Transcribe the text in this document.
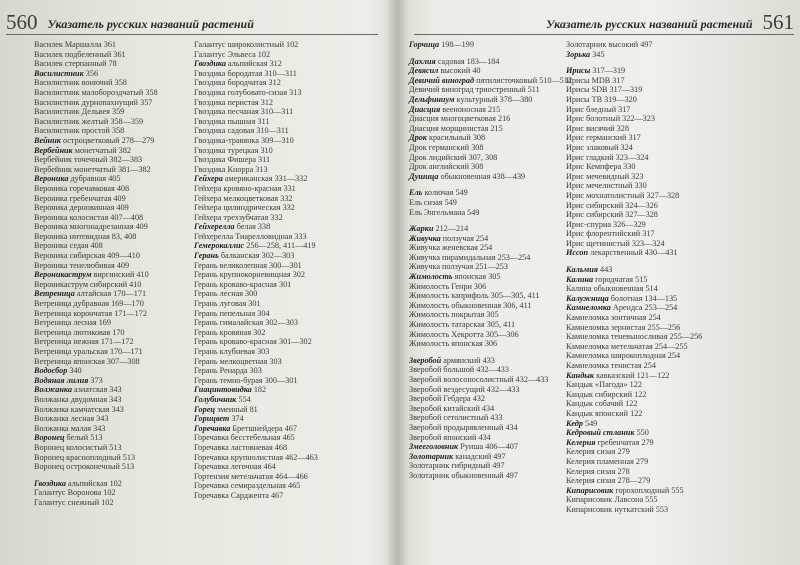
560 Указатель русских названий растений	Указатель русских названий растений 561
Василек Маршалла 361
Василек подбеленный 361
Василек стерпанный 78
Василистник 356
Василистник вонючий 358
Василистник малобороздчатый 358
Василистник дурнопахнущий 357
Василистник Дельвея 359
Василистник желтый 358—359
Василистник простой 358
Вейник остроцветковый 278—279
Вербейник монетчатый 382
Вербейник точечный 382—383
Вербейник монетчатый 381—382
Вероника дубравная 405
Вероника горечавковая 408
Вероника гребенчатая 409
Вероника дерновинная 409
Вероника колосистая 407—408
Вероника многонадрезанная 409
Вероника нитевидная 83, 408
Вероника седая 408
Вероника сибирская 409—410
Вероника тенелюбивая 409
Вероникаструм виргинский 410
Вероникаструм сибирский 410
Ветреница алтайская 170—171
Ветреница дубравная 169—170
Ветреница корончатая 171—172
Ветреница лесная 169
Ветреница лютиковая 170
Ветреница нежная 171—172
Ветреница уральская 170—171
Ветреница японская 307—308
Водосбор 340
Водяная лилия 373
Волжанка азиатская 343
Волжанка двудомная 343
Волжанка камчатская 343
Волжанка лесная 343
Волжанка малая 343
Воронец белый 513
Воронец колосистый 513
Воронец красноплодный 513
Воронец остроконечный 513
Гвоздика альпийская 102
Галантус Воронова 102
Галантус снежный 102
Галантус широколистный 102
Галантус Эльвеса 102
Гвоздика альпийская 312
Гвоздика бородатая 310—311
Гвоздика бородчатая 312
Гвоздика голубовато-сизая 313
Гвоздика перистая 312
Гвоздика песчаная 310—311
Гвоздика пышная 311
Гвоздика садовая 310—311
Гвоздика-травянка 309—310
Гвоздика турецкая 310
Гвоздика Фишера 311
Гвоздика Кнорра 313
Гейхера американская 331—332
Гейхера кровяно-красная 331
Гейхера мелкоцветковая 332
Гейхера цилиндрическая 332
Гейхера трехзубчатая 332
Гейхерелла белая 338
Гейхерелла Тиарелловидная 333
Гемерокаллис 256—258, 411—419
Герань балканская 302—303
Герань великолепная 300—301
Герань крупнокорневищная 302
Герань кроваво-красная 301
Герань лесная 300
Герань луговая 301
Герань пепельная 304
Герань гималайская 302—303
Герань кровяная 302
Герань кроваво-красная 301—302
Герань клубневая 303
Герань мелкоцветная 303
Герань Ренарда 303
Герань темно-бурая 300—301
Гиацинтовидка 182
Голубичник 554
Горец змеиный 81
Горицвет 374
Горечавка Бретшнейдера 467
Горечавка бесстебельная 465
Горечавка ластовневая 468
Горечавка крупнолистная 462—463
Горечавка легочная 464
Гортензия метельчатая 464—466
Горечавка семираздельная 465
Горечавка Сарджента 467
Горчица 198—199
Дахлия садовая 183—184
Девясил высокий 40
Девичий виноград пятилисточковый 510—512
Девичий виноград триостренный 511
Дельфиниум культурный 378—380
Диасция вееноносная 215
Диасция многоцветковая 216
Диасция морщинистая 215
Дрок красильный 308
Дрок германский 308
Дрок лидийский 307, 308
Дрок английский 308
Душица обыкновенная 438—439
Ель колючая 549
Ель сизая 549
Ель Энгельмана 549
Жарки 212—214
Живучка ползучая 254
Живучка женевская 254
Живучка пирамидальная 253—254
Живучка ползучая 251—253
Жимолость японская 305
Жимолость Генри 306
Жимолость каприфоль 305—305, 411
Жимолость обыкновенная 306, 411
Жимолость покрытая 305
Жимолость татарская 305, 411
Жимолость Хекротта 305—306
Жимолость японская 306
Зверобой армянский 433
Зверобой большой 432—433
Зверобой волосоносолистный 432—433
Зверобой вездесущий 432—433
Зверобой Гебдера 432
Зверобой китайский 434
Зверобой сетолистный 433
Зверобой продырявленный 434
Зверобой японский 434
Змееголовник Руиша 406—407
Золотарник канадский 497
Золотарник гибридный 497
Золотарник обыкновенный 497
Золотарник высокий 497
Зорька 345
Ирисы 317—319
Ирисы МDB 317
Ирисы SDB 317—319
Ирисы TB 319—320
Ирис бледный 317
Ирис болотный 322—323
Ирис висячий 328
Ирис германский 317
Ирис злаковый 324
Ирис гладкий 323—324
Ирис Кемпфера 330
Ирис мечевидный 323
Ирис мечелистный 330
Ирис мохнатолистный 327—328
Ирис сибирский 324—326
Ирис сибирский 327—328
Ирис-спуриа 326—329
Ирис флорентийский 317
Ирис щетинистый 323—324
Иссоп лекарственный 430—431
Кальмия 443
Калина городчатая 515
Калина обыкновенная 514
Калужница болотная 134—135
Камнеломка Арендса 253—254
Камнеломка зонтичная 254
Камнеломка зернистая 255—256
Камнеломка теневыносливая 255—256
Камнеломка метельчатая 254—255
Камнеломка широкоплодная 254
Камнеломка тенистая 254
Кандык кавказский 121—122
Кандык «Пагода» 122
Кандык сибирский 122
Кандык собачий 122
Кандык японский 122
Кедр 549
Кедровый стланик 550
Келерия гребенчатая 279
Келерия сизая 279
Келерия пламенная 279
Келерия сизая 278
Келерия сизая 278—279
Кипарисовик горохоплодный 555
Кипарисовик Лавсона 555
Кипарисовик нуткатский 553
